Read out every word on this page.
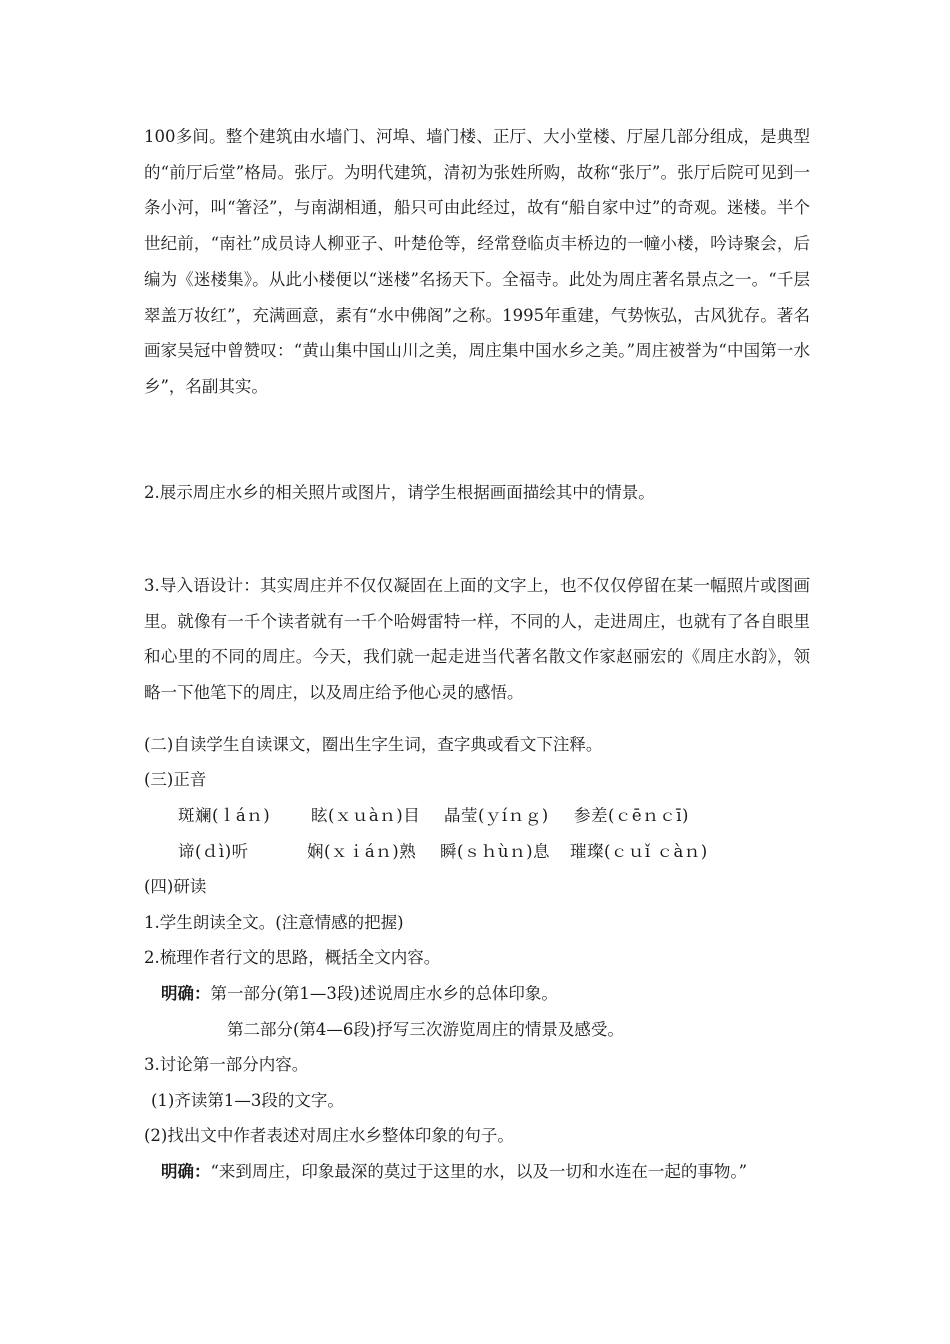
100多间。整个建筑由水墙门、河埠、墙门楼、正厅、大小堂楼、厅屋几部分组成，是典型的“前厅后堂”格局。张厅。为明代建筑，清初为张姓所购，故称“张厅”。张厅后院可见到一条小河，叫“箸泾”，与南湖相通，船只可由此经过，故有“船自家中过”的奇观。迷楼。半个世纪前，“南社”成员诗人柳亚子、叶楚伧等，经常登临贞丰桥边的一幢小楼，吟诗聚会，后编为《迷楼集》。从此小楼便以“迷楼”名扬天下。全福寺。此处为周庄著名景点之一。“千层翠盖万妆红”，充满画意，素有“水中佛阁”之称。1995年重建，气势恢弘，古风犹存。著名画家吴冠中曾赞叹：“黄山集中国山川之美，周庄集中国水乡之美。”周庄被誉为“中国第一水乡”，名副其实。

2.展示周庄水乡的相关照片或图片，请学生根据画面描绘其中的情景。

3.导入语设计：其实周庄并不仅仅凝固在上面的文字上，也不仅仅停留在某一幅照片或图画里。就像有一千个读者就有一千个哈姆雷特一样，不同的人，走进周庄，也就有了各自眼里和心里的不同的周庄。今天，我们就一起走进当代著名散文作家赵丽宏的《周庄水韵》，领略一下他笔下的周庄，以及周庄给予他心灵的感悟。

(二)自读学生自读课文，圈出生字生词，查字典或看文下注释。

(三)正音

斑斓(ｌáｎ) 眩(ｘｕàｎ)目 晶莹(ｙíｎｇ) 参差(ｃēｎｃī)
谛(ｄì)听	娴(ｘｉáｎ)熟 瞬(ｓｈùｎ)息 璀璨(ｃｕǐ ｃàｎ)

(四)研读

1.学生朗读全文。(注意情感的把握)

2.梳理作者行文的思路，概括全文内容。

明确：第一部分(第1—3段)述说周庄水乡的总体印象。

第二部分(第4—6段)抒写三次游览周庄的情景及感受。

3.讨论第一部分内容。

(1)齐读第1—3段的文字。

(2)找出文中作者表述对周庄水乡整体印象的句子。

明确：“来到周庄，印象最深的莫过于这里的水，以及一切和水连在一起的事物。”
